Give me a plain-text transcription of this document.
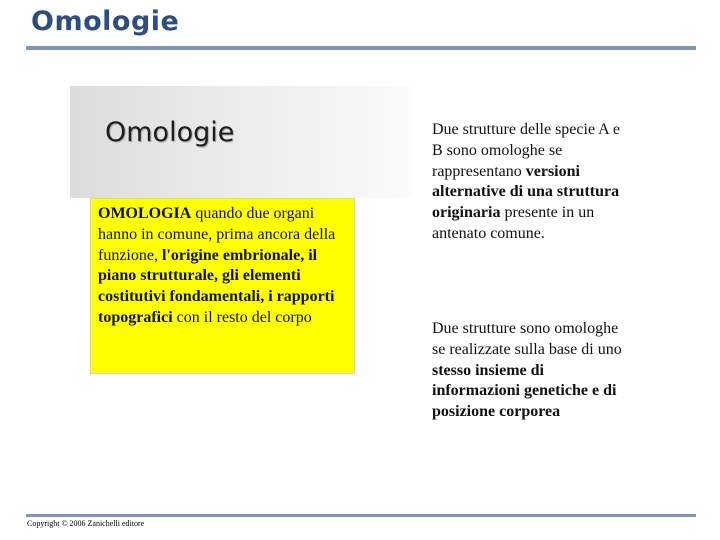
Omologie
Omologie
OMOLOGIA quando due organi hanno in comune, prima ancora della funzione, l'origine embrionale, il piano strutturale, gli elementi costitutivi fondamentali, i rapporti topografici con il resto del corpo
Due strutture delle specie A e B sono omologhe se rappresentano versioni alternative di una struttura originaria presente in un antenato comune.
Due strutture sono omologhe se realizzate sulla base di uno stesso insieme di informazioni genetiche e di posizione corporea
Copyright © 2006 Zanichelli editore
